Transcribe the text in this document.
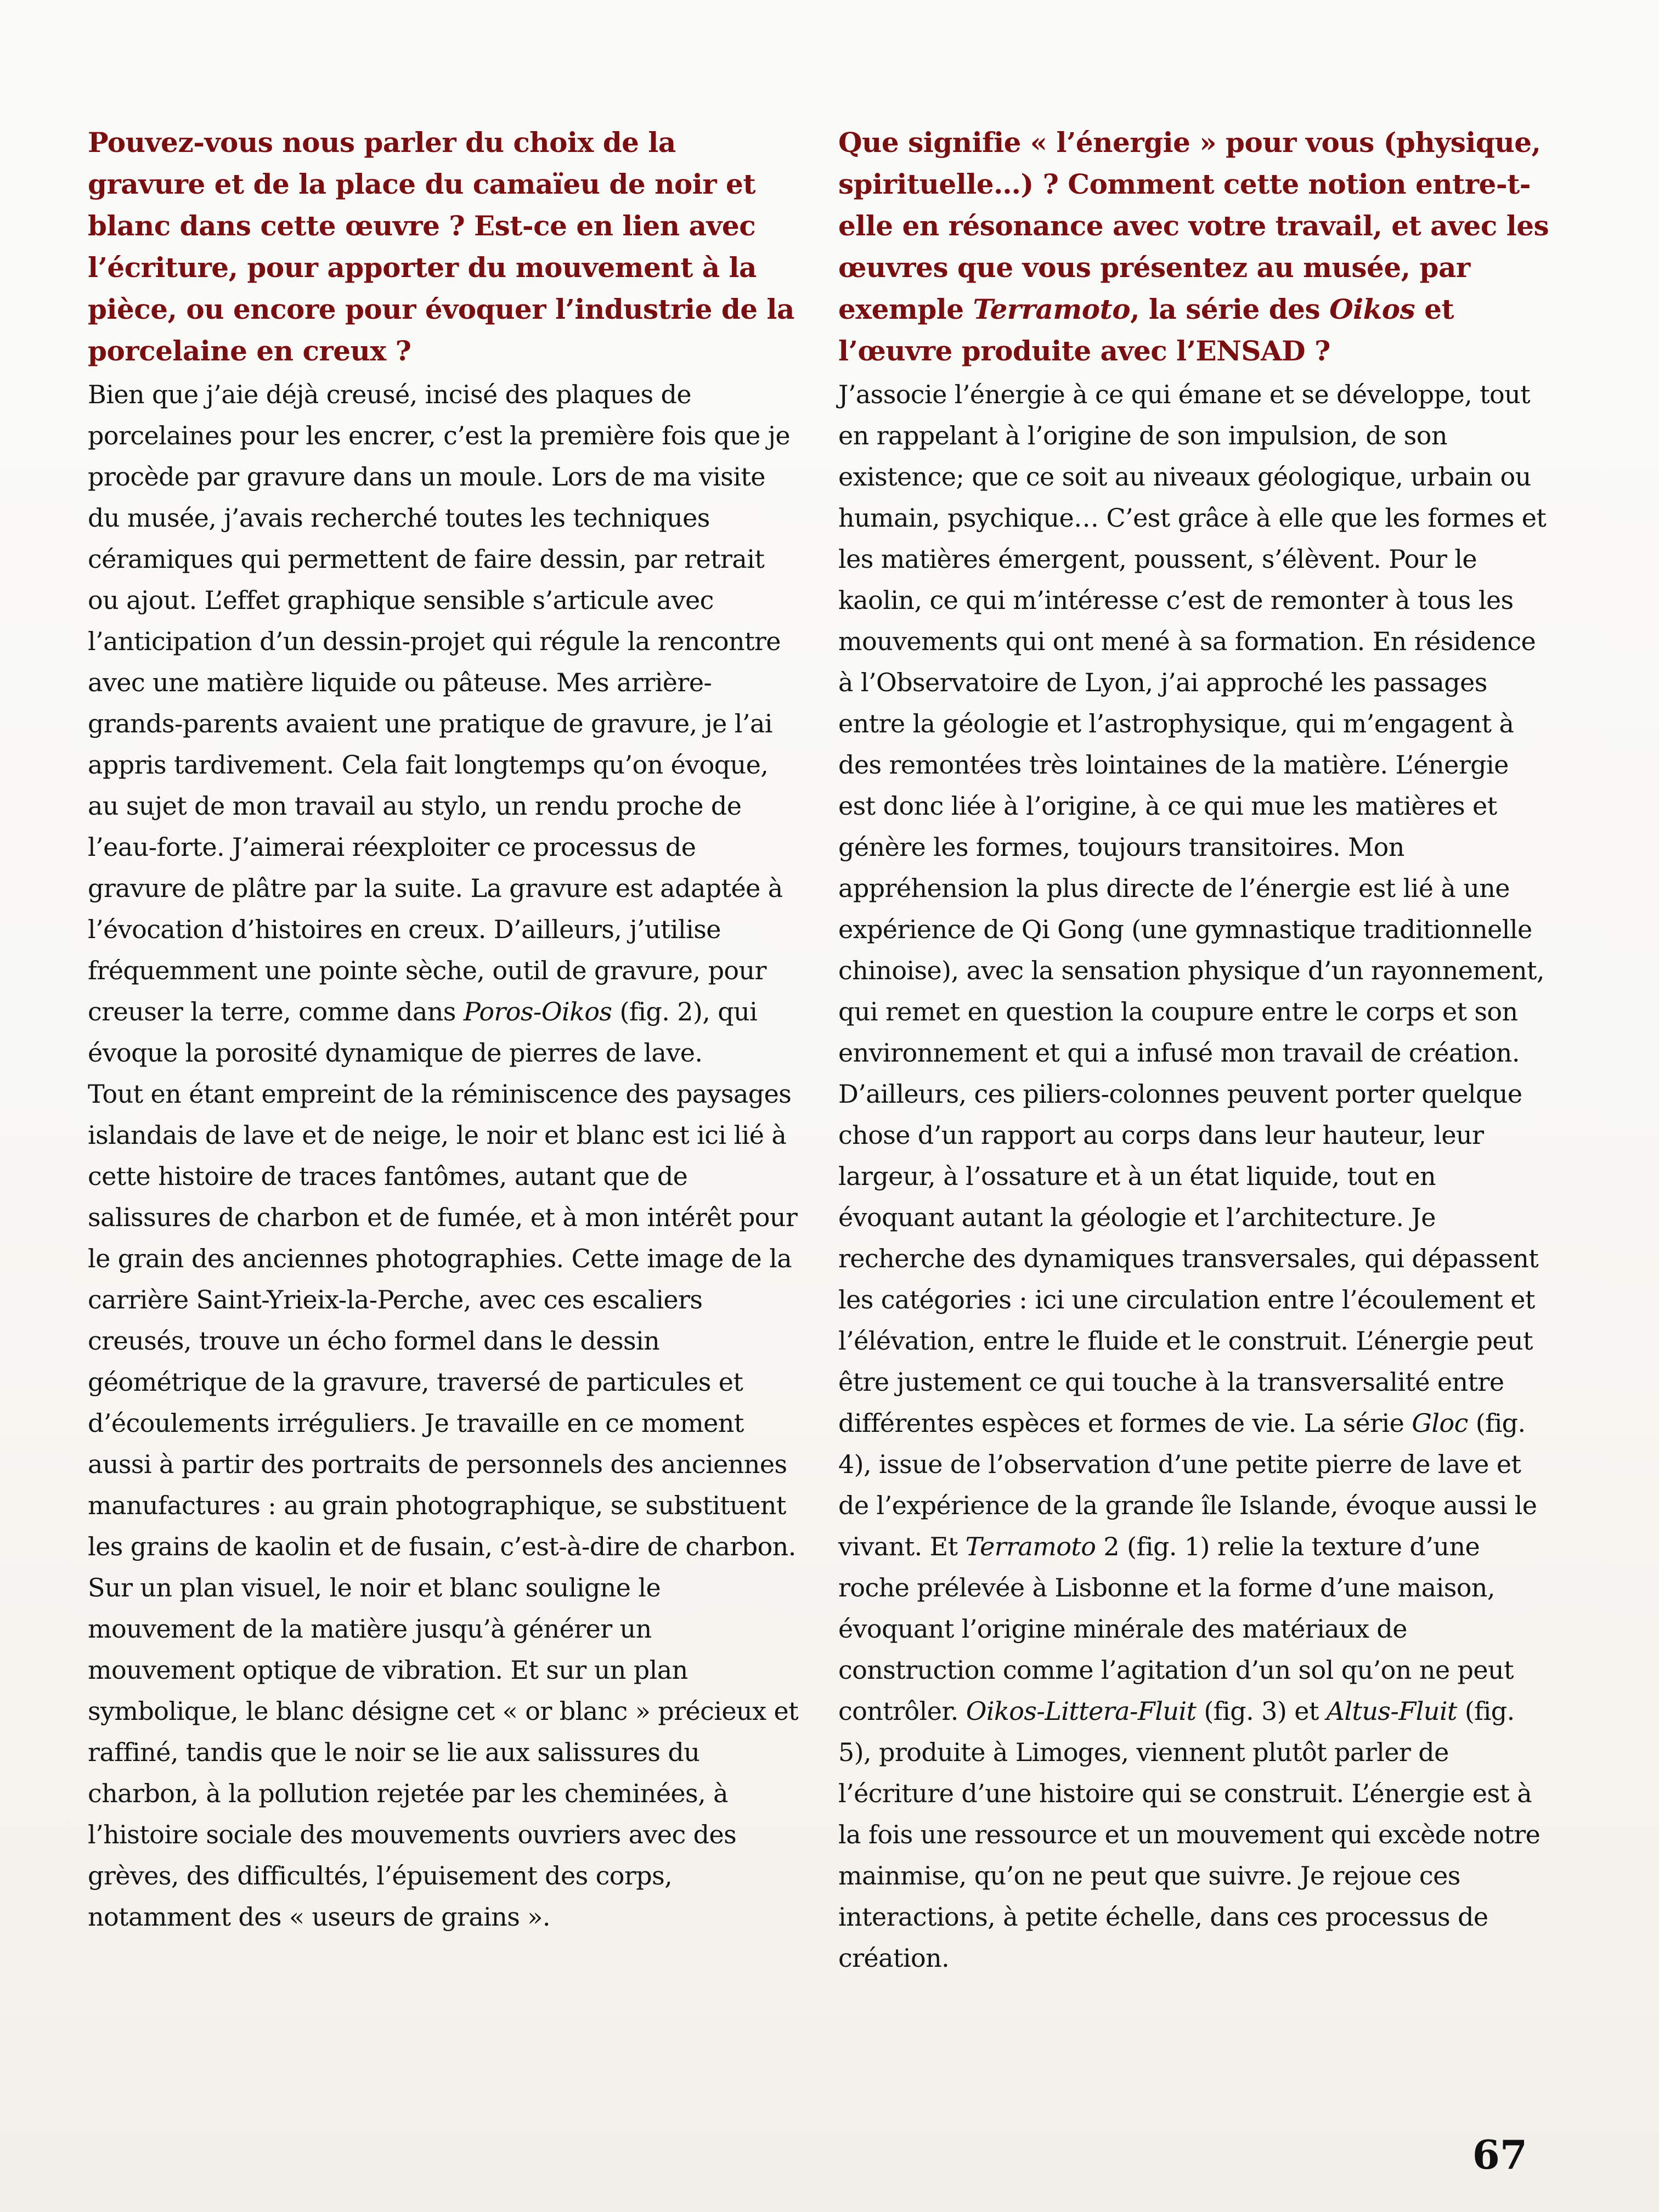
Pouvez-vous nous parler du choix de la gravure et de la place du camaïeu de noir et blanc dans cette œuvre ? Est-ce en lien avec l’écriture, pour apporter du mouvement à la pièce, ou encore pour évoquer l’industrie de la porcelaine en creux ?

Bien que j’aie déjà creusé, incisé des plaques de porcelaines pour les encrer, c’est la première fois que je procède par gravure dans un moule. Lors de ma visite du musée, j’avais recherché toutes les techniques céramiques qui permettent de faire dessin, par retrait ou ajout. L’effet graphique sensible s’articule avec l’anticipation d’un dessin-projet qui régule la rencontre avec une matière liquide ou pâteuse. Mes arrière-grands-parents avaient une pratique de gravure, je l’ai appris tardivement. Cela fait longtemps qu’on évoque, au sujet de mon travail au stylo, un rendu proche de l’eau-forte. J’aimerai réexploiter ce processus de gravure de plâtre par la suite. La gravure est adaptée à l’évocation d’histoires en creux. D’ailleurs, j’utilise fréquemment une pointe sèche, outil de gravure, pour creuser la terre, comme dans Poros-Oikos (fig. 2), qui évoque la porosité dynamique de pierres de lave.

Tout en étant empreint de la réminiscence des paysages islandais de lave et de neige, le noir et blanc est ici lié à cette histoire de traces fantômes, autant que de salissures de charbon et de fumée, et à mon intérêt pour le grain des anciennes photographies. Cette image de la carrière Saint-Yrieix-la-Perche, avec ces escaliers creusés, trouve un écho formel dans le dessin géométrique de la gravure, traversé de particules et d’écoulements irréguliers. Je travaille en ce moment aussi à partir des portraits de personnels des anciennes manufactures : au grain photographique, se substituent les grains de kaolin et de fusain, c’est-à-dire de charbon. Sur un plan visuel, le noir et blanc souligne le mouvement de la matière jusqu’à générer un mouvement optique de vibration. Et sur un plan symbolique, le blanc désigne cet « or blanc » précieux et raffiné, tandis que le noir se lie aux salissures du charbon, à la pollution rejetée par les cheminées, à l’histoire sociale des mouvements ouvriers avec des grèves, des difficultés, l’épuisement des corps, notamment des « useurs de grains ».

Que signifie « l’énergie » pour vous (physique, spirituelle…) ? Comment cette notion entre-t-elle en résonance avec votre travail, et avec les œuvres que vous présentez au musée, par exemple Terramoto, la série des Oikos et l’œuvre produite avec l’ENSAD ?

J’associe l’énergie à ce qui émane et se développe, tout en rappelant à l’origine de son impulsion, de son existence; que ce soit au niveaux géologique, urbain ou humain, psychique… C’est grâce à elle que les formes et les matières émergent, poussent, s’élèvent. Pour le kaolin, ce qui m’intéresse c’est de remonter à tous les mouvements qui ont mené à sa formation. En résidence à l’Observatoire de Lyon, j’ai approché les passages entre la géologie et l’astrophysique, qui m’engagent à des remontées très lointaines de la matière. L’énergie est donc liée à l’origine, à ce qui mue les matières et génère les formes, toujours transitoires. Mon appréhension la plus directe de l’énergie est lié à une expérience de Qi Gong (une gymnastique traditionnelle chinoise), avec la sensation physique d’un rayonnement, qui remet en question la coupure entre le corps et son environnement et qui a infusé mon travail de création. D’ailleurs, ces piliers-colonnes peuvent porter quelque chose d’un rapport au corps dans leur hauteur, leur largeur, à l’ossature et à un état liquide, tout en évoquant autant la géologie et l’architecture. Je recherche des dynamiques transversales, qui dépassent les catégories : ici une circulation entre l’écoulement et l’élévation, entre le fluide et le construit. L’énergie peut être justement ce qui touche à la transversalité entre différentes espèces et formes de vie. La série Gloc (fig. 4), issue de l’observation d’une petite pierre de lave et de l’expérience de la grande île Islande, évoque aussi le vivant. Et Terramoto 2 (fig. 1) relie la texture d’une roche prélevée à Lisbonne et la forme d’une maison, évoquant l’origine minérale des matériaux de construction comme l’agitation d’un sol qu’on ne peut contrôler. Oikos-Littera-Fluit (fig. 3) et Altus-Fluit (fig. 5), produite à Limoges, viennent plutôt parler de l’écriture d’une histoire qui se construit. L’énergie est à la fois une ressource et un mouvement qui excède notre mainmise, qu’on ne peut que suivre. Je rejoue ces interactions, à petite échelle, dans ces processus de création.

67
